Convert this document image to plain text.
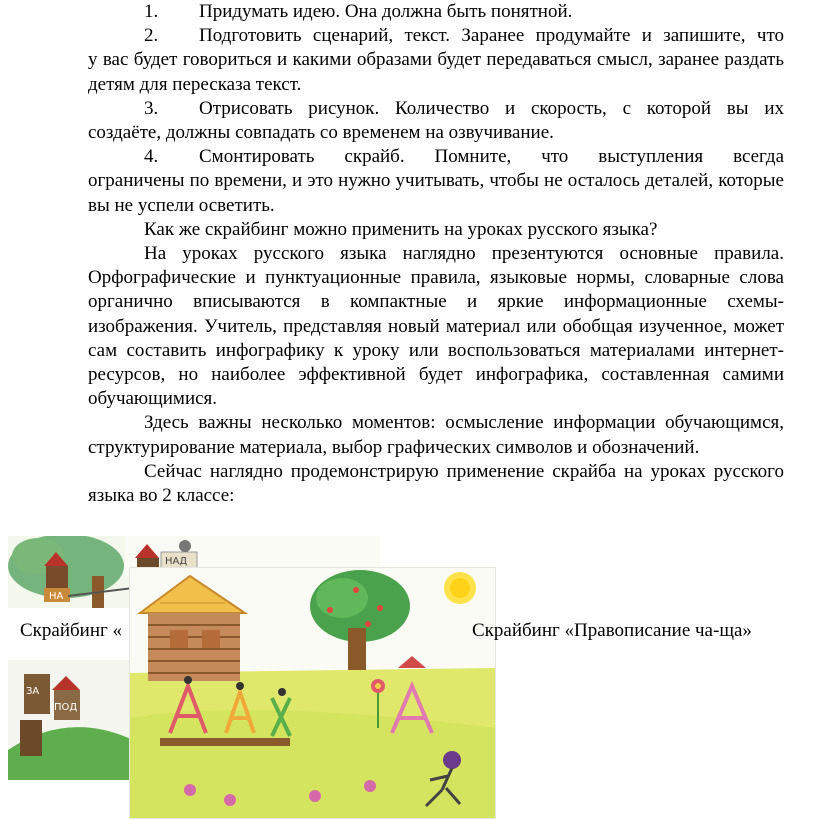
1.	Придумать идею. Она должна быть понятной.
2.	Подготовить сценарий, текст. Заранее продумайте и запишите, что

у вас будет говориться и какими образами будет передаваться смысл, заранее раздать детям для пересказа текст.

3.	Отрисовать рисунок. Количество и скорость, с которой вы их

создаёте, должны совпадать со временем на озвучивание.

4.	Смонтировать скрайб. Помните, что выступления всегда

ограничены по времени, и это нужно учитывать, чтобы не осталось деталей, которые вы не успели осветить.

Как же скрайбинг можно применить на уроках русского языка?

На уроках русского языка наглядно презентуются основные правила. Орфографические и пунктуационные правила, языковые нормы, словарные слова органично вписываются в компактные и яркие информационные схемы-изображения. Учитель, представляя новый материал или обобщая изученное, может сам составить инфографику к уроку или воспользоваться материалами интернет-ресурсов, но наиболее эффективной будет инфографика, составленная самими обучающимися.

Здесь важны несколько моментов: осмысление информации обучающимся, структурирование материала, выбор графических символов и обозначений.

Сейчас наглядно продемонстрирую применение скрайба на уроках русского языка во 2 классе:

НА
НАД
ЗА
ПОД
Скрайбинг «	Скрайбинг «Правописание ча-ща»
